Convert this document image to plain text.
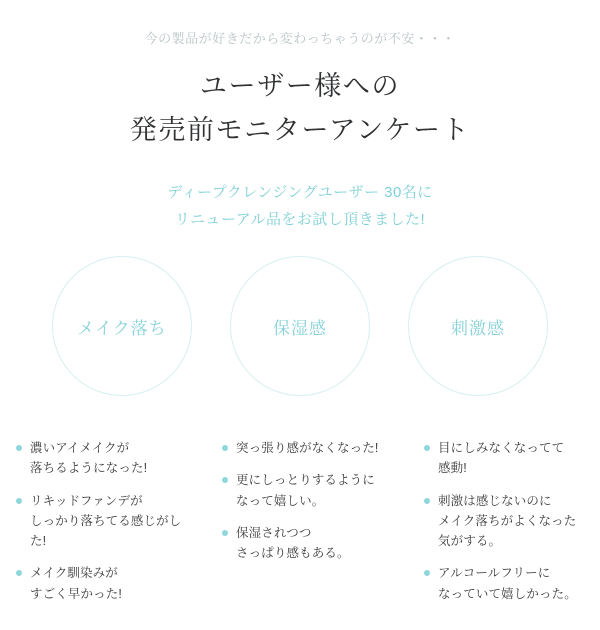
今の製品が好きだから変わっちゃうのが不安・・・
ユーザー様への
発売前モニターアンケート
ディープクレンジングユーザー 30名に
リニューアル品をお試し頂きました!
メイク落ち	保湿感	刺激感
濃いアイメイクが
落ちるようになった!
リキッドファンデが
しっかり落ちてる感じがした!
メイク馴染みが
すごく早かった!
突っ張り感がなくなった!
更にしっとりするように
なって嬉しい。
保湿されつつ
さっぱり感もある。
目にしみなくなってて
感動!
刺激は感じないのに
メイク落ちがよくなった
気がする。
アルコールフリーに
なっていて嬉しかった。
